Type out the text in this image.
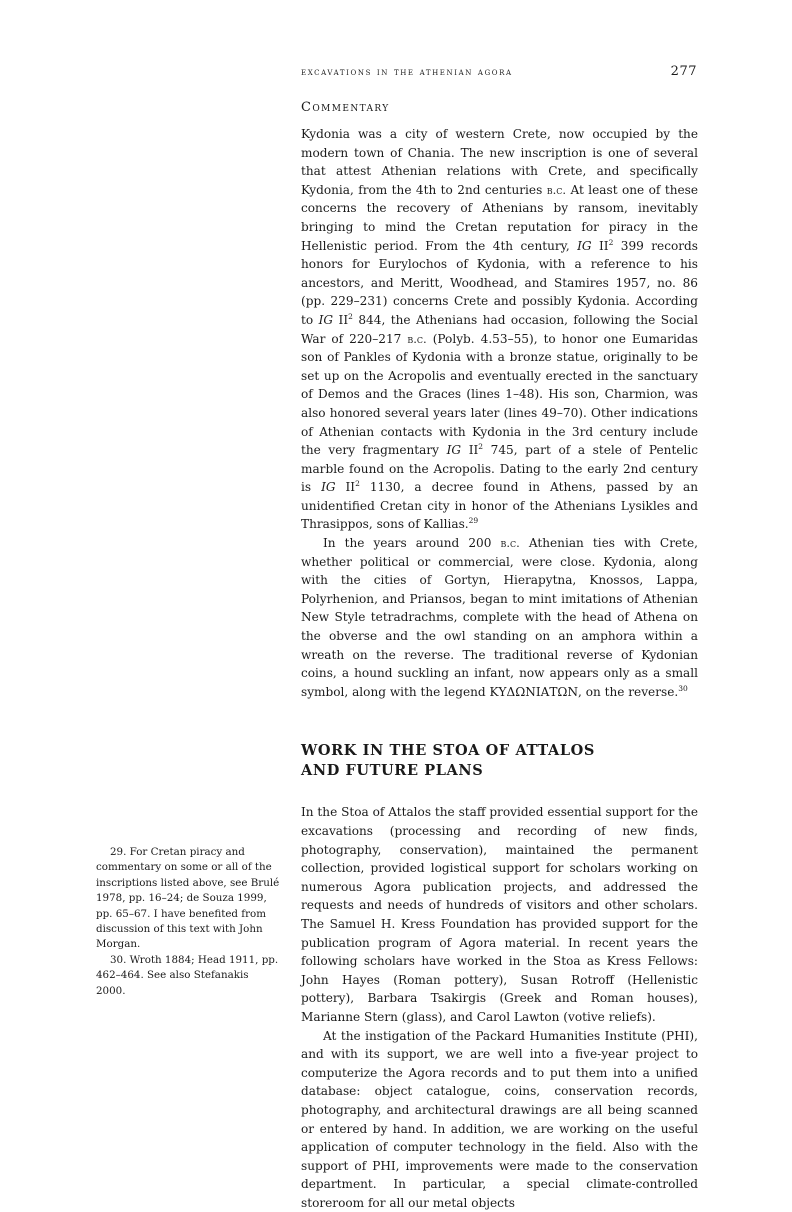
excavations in the athenian agora	277
Commentary

Kydonia was a city of western Crete, now occupied by the modern town of Chania. The new inscription is one of several that attest Athenian relations with Crete, and specifically Kydonia, from the 4th to 2nd centuries b.c. At least one of these concerns the recovery of Athenians by ransom, inevitably bringing to mind the Cretan reputation for piracy in the Hellenistic period. From the 4th century, IG $II^2$ 399 records honors for Eurylochos of Kydonia, with a reference to his ancestors, and Meritt, Woodhead, and Stamires 1957, no. 86 (pp. 229–231) concerns Crete and possibly Kydonia. According to IG $II^2$ 844, the Athenians had occasion, following the Social War of 220–217 b.c. (Polyb. 4.53–55), to honor one Eumaridas son of Pankles of Kydonia with a bronze statue, originally to be set up on the Acropolis and eventually erected in the sanctuary of Demos and the Graces (lines 1–48). His son, Charmion, was also honored several years later (lines 49–70). Other indications of Athenian contacts with Kydonia in the 3rd century include the very fragmentary IG $II^2$ 745, part of a stele of Pentelic marble found on the Acropolis. Dating to the early 2nd century is IG $II^2$ 1130, a decree found in Athens, passed by an unidentified Cretan city in honor of the Athenians Lysikles and Thrasippos, sons of Kallias.$^{29}$

In the years around 200 b.c. Athenian ties with Crete, whether political or commercial, were close. Kydonia, along with the cities of Gortyn, Hierapytna, Knossos, Lappa, Polyrhenion, and Priansos, began to mint imitations of Athenian New Style tetradrachms, complete with the head of Athena on the obverse and the owl standing on an amphora within a wreath on the reverse. The traditional reverse of Kydonian coins, a hound suckling an infant, now appears only as a small symbol, along with the legend ΚΥΔΩΝΙΑΤΩΝ, on the reverse.$^{30}$

WORK IN THE STOA OF ATTALOS
AND FUTURE PLANS

In the Stoa of Attalos the staff provided essential support for the excavations (processing and recording of new finds, photography, conservation), maintained the permanent collection, provided logistical support for scholars working on numerous Agora publication projects, and addressed the requests and needs of hundreds of visitors and other scholars. The Samuel H. Kress Foundation has provided support for the publication program of Agora material. In recent years the following scholars have worked in the Stoa as Kress Fellows: John Hayes (Roman pottery), Susan Rotroff (Hellenistic pottery), Barbara Tsakirgis (Greek and Roman houses), Marianne Stern (glass), and Carol Lawton (votive reliefs).

At the instigation of the Packard Humanities Institute (PHI), and with its support, we are well into a five-year project to computerize the Agora records and to put them into a unified database: object catalogue, coins, conservation records, photography, and architectural drawings are all being scanned or entered by hand. In addition, we are working on the useful application of computer technology in the field. Also with the support of PHI, improvements were made to the conservation department. In particular, a special climate-controlled storeroom for all our metal objects

29. For Cretan piracy and commentary on some or all of the inscriptions listed above, see Brulé 1978, pp. 16–24; de Souza 1999, pp. 65–67. I have benefited from discussion of this text with John Morgan.

30. Wroth 1884; Head 1911, pp. 462–464. See also Stefanakis 2000.
